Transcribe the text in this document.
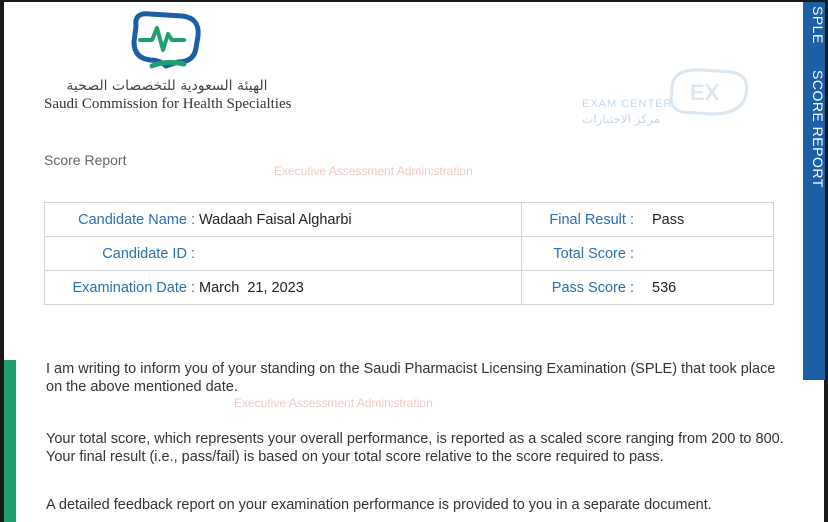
الهيئة السعودية للتخصصات الصحية
Saudi Commission for Health Specialties	EX
EXAM CENTER
مركز الاختبارات
Executive Assessment Administration
Executive Assessment Administration
Score Report
Candidate Name : Wadaah Faisal Algharbi	Final Result : Pass

Candidate ID :	Total Score :

Examination Date : March  21, 2023	Pass Score : 536
I am writing to inform you of your standing on the Saudi Pharmacist Licensing Examination (SPLE) that took place on the above mentioned date.
Your total score, which represents your overall performance, is reported as a scaled score ranging from 200 to 800. Your final result (i.e., pass/fail) is based on your total score relative to the score required to pass.
A detailed feedback report on your examination performance is provided to you in a separate document.
SPLESCORE REPORT
